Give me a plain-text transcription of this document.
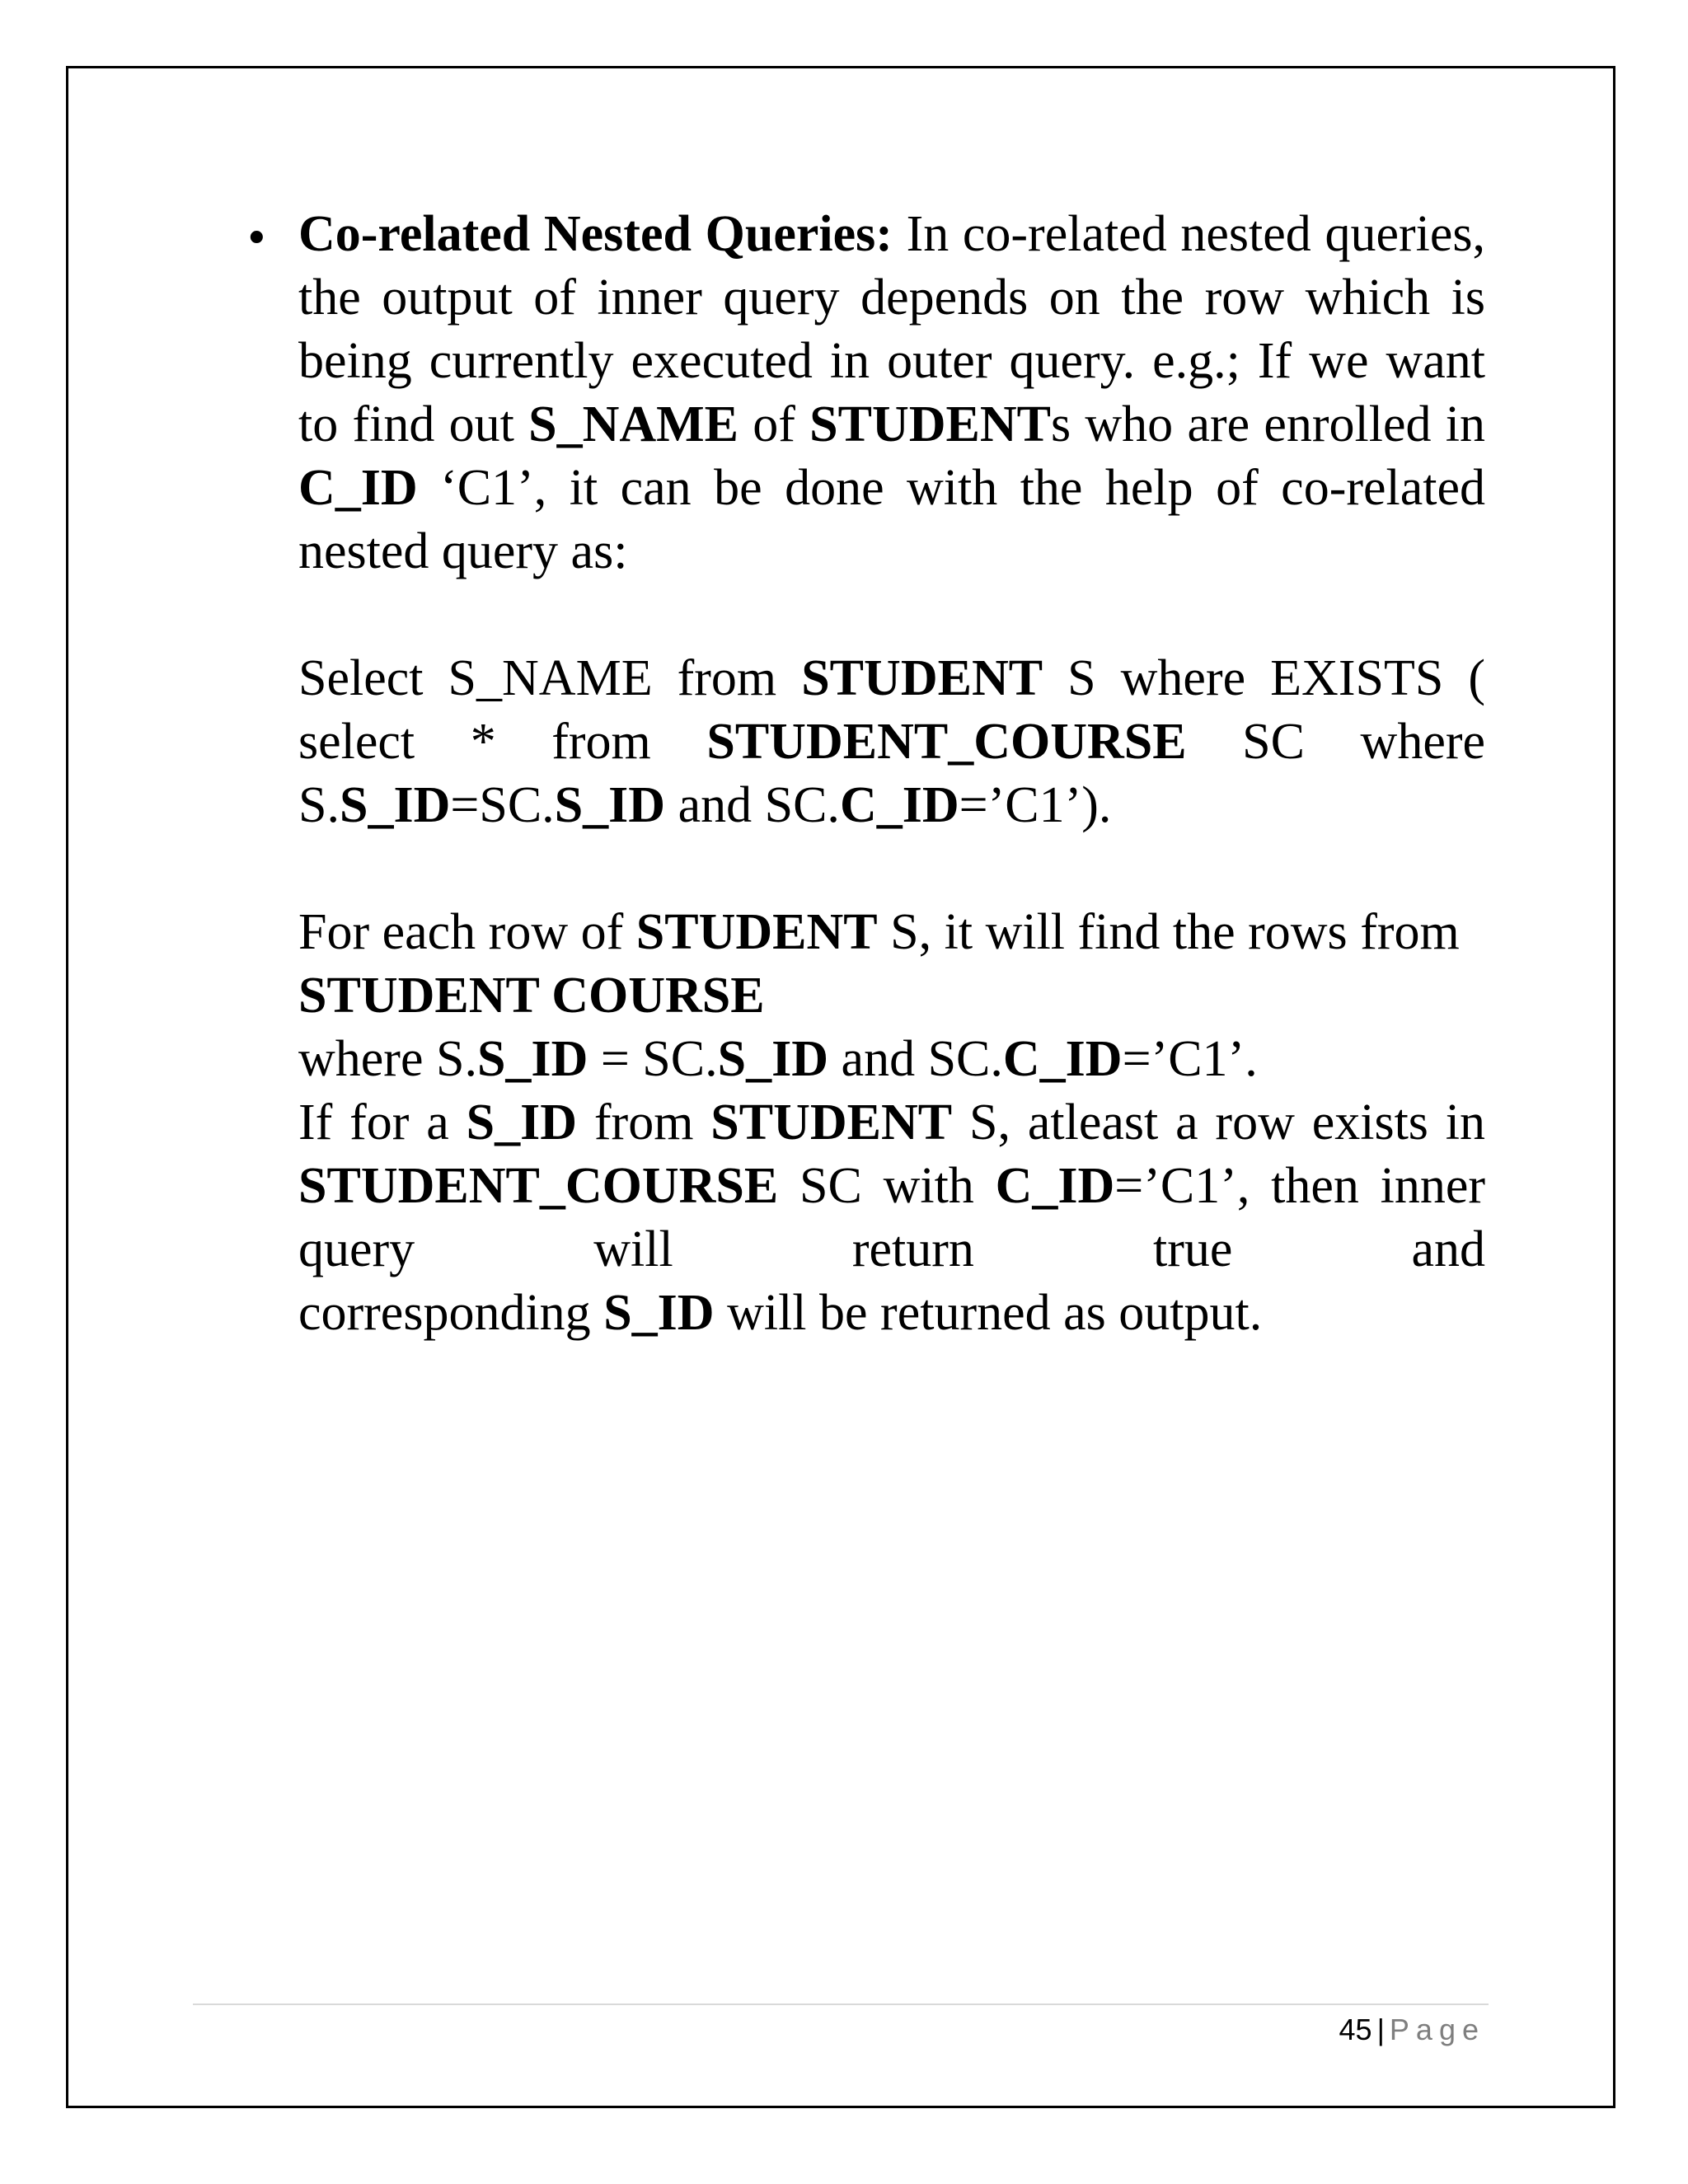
• Co-related Nested Queries: In co-related nested queries, the output of inner query depends on the row which is being currently executed in outer query. e.g.; If we want to find out S_NAME of STUDENTs who are enrolled in C_ID ‘C1’, it can be done with the help of co-related nested query as:

Select S_NAME from STUDENT S where EXISTS ( select * from STUDENT_COURSE SC where S.S_ID=SC.S_ID and SC.C_ID=’C1’).

For each row of STUDENT S, it will find the rows from

STUDENT COURSE

where S.S_ID = SC.S_ID and SC.C_ID=’C1’.

If for a S_ID from STUDENT S, atleast a row exists in STUDENT_COURSE SC with C_ID=’C1’, then inner query will return true and

corresponding S_ID will be returned as output.

45 | Page
